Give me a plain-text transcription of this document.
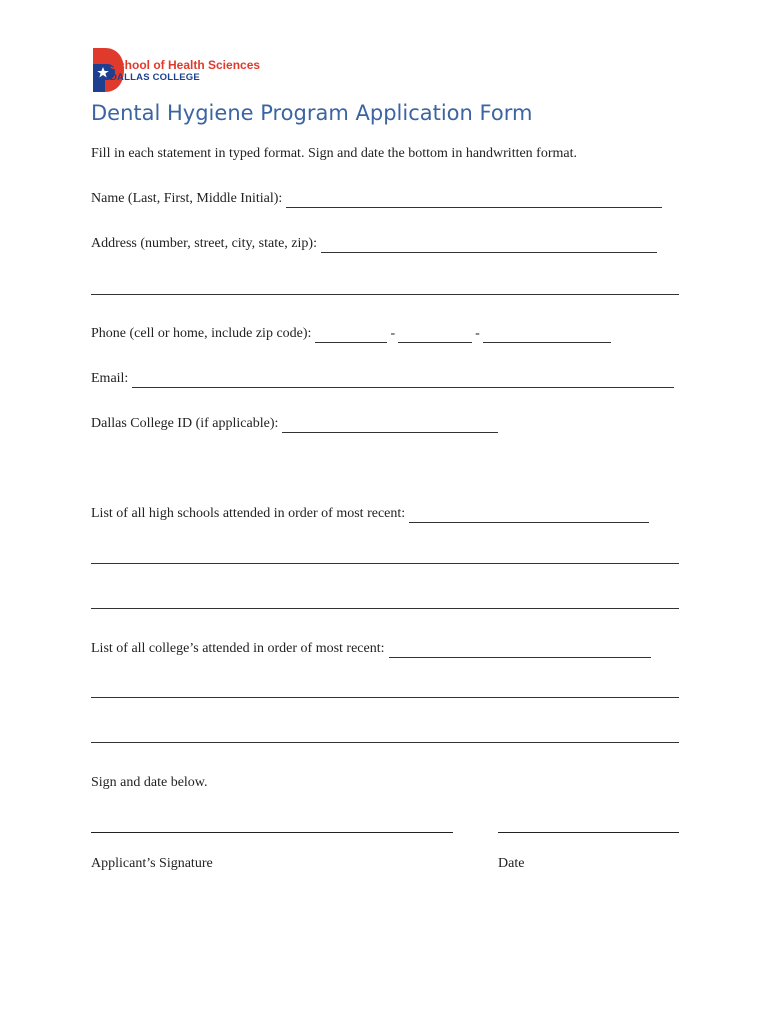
School of Health Sciences
DALLAS COLLEGE
Dental Hygiene Program Application Form
Fill in each statement in typed format. Sign and date the bottom in handwritten format.
Name (Last, First, Middle Initial):
Address (number, street, city, state, zip):
Phone (cell or home, include zip code):	-	-
Email:
Dallas College ID (if applicable):
List of all high schools attended in order of most recent:
List of all college’s attended in order of most recent:
Sign and date below.
Applicant’s Signature	Date
